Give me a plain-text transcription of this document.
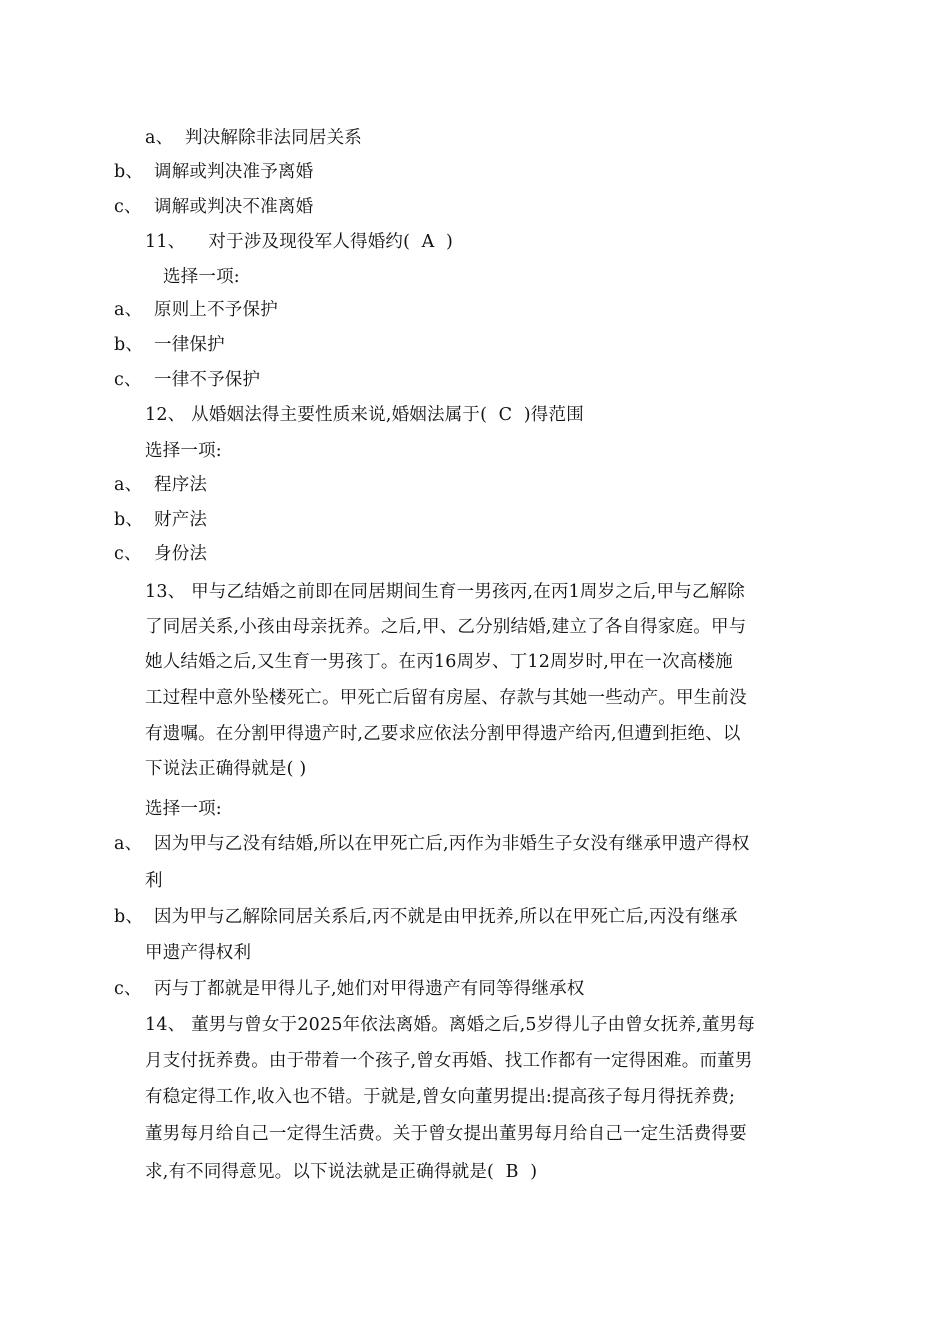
a、 判决解除非法同居关系
b、 调解或判决准予离婚
c、 调解或判决不准离婚
11、    对于涉及现役军人得婚约(  A  )
选择一项:
a、 原则上不予保护
b、 一律保护
c、 一律不予保护
12、 从婚姻法得主要性质来说,婚姻法属于(  C  )得范围
选择一项:
a、 程序法
b、 财产法
c、 身份法
13、 甲与乙结婚之前即在同居期间生育一男孩丙,在丙1周岁之后,甲与乙解除
了同居关系,小孩由母亲抚养。之后,甲、乙分别结婚,建立了各自得家庭。甲与
她人结婚之后,又生育一男孩丁。在丙16周岁、丁12周岁时,甲在一次高楼施
工过程中意外坠楼死亡。甲死亡后留有房屋、存款与其她一些动产。甲生前没
有遗嘱。在分割甲得遗产时,乙要求应依法分割甲得遗产给丙,但遭到拒绝、以
下说法正确得就是( )
选择一项:
a、 因为甲与乙没有结婚,所以在甲死亡后,丙作为非婚生子女没有继承甲遗产得权
利
b、 因为甲与乙解除同居关系后,丙不就是由甲抚养,所以在甲死亡后,丙没有继承
甲遗产得权利
c、 丙与丁都就是甲得儿子,她们对甲得遗产有同等得继承权
14、 董男与曾女于2025年依法离婚。离婚之后,5岁得儿子由曾女抚养,董男每
月支付抚养费。由于带着一个孩子,曾女再婚、找工作都有一定得困难。而董男
有稳定得工作,收入也不错。于就是,曾女向董男提出:提高孩子每月得抚养费;
董男每月给自己一定得生活费。关于曾女提出董男每月给自己一定生活费得要
求,有不同得意见。以下说法就是正确得就是(  B  )
